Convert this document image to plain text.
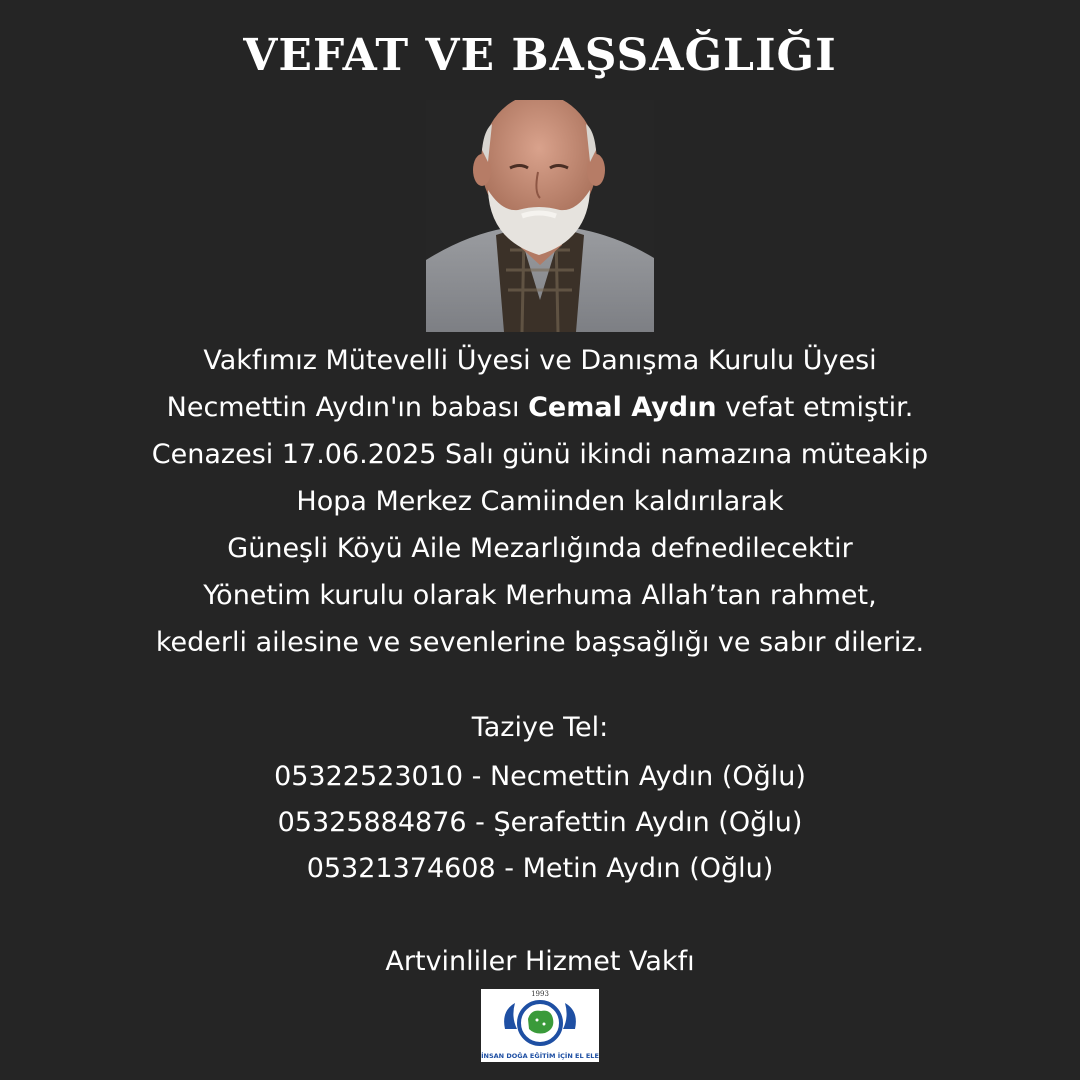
VEFAT VE BAŞSAĞLIĞI
Vakfımız Mütevelli Üyesi ve Danışma Kurulu Üyesi
Necmettin Aydın'ın babası Cemal Aydın vefat etmiştir.
Cenazesi 17.06.2025 Salı günü ikindi namazına müteakip
Hopa Merkez Camiinden kaldırılarak
Güneşli Köyü Aile Mezarlığında defnedilecektir
Yönetim kurulu olarak Merhuma Allah’tan rahmet,
kederli ailesine ve sevenlerine başsağlığı ve sabır dileriz.
Taziye Tel:
05322523010 - Necmettin Aydın (Oğlu)
05325884876 - Şerafettin Aydın (Oğlu)
05321374608 - Metin Aydın (Oğlu)
Artvinliler Hizmet Vakfı
1993
İNSAN DOĞA EĞİTİM İÇİN EL ELE
